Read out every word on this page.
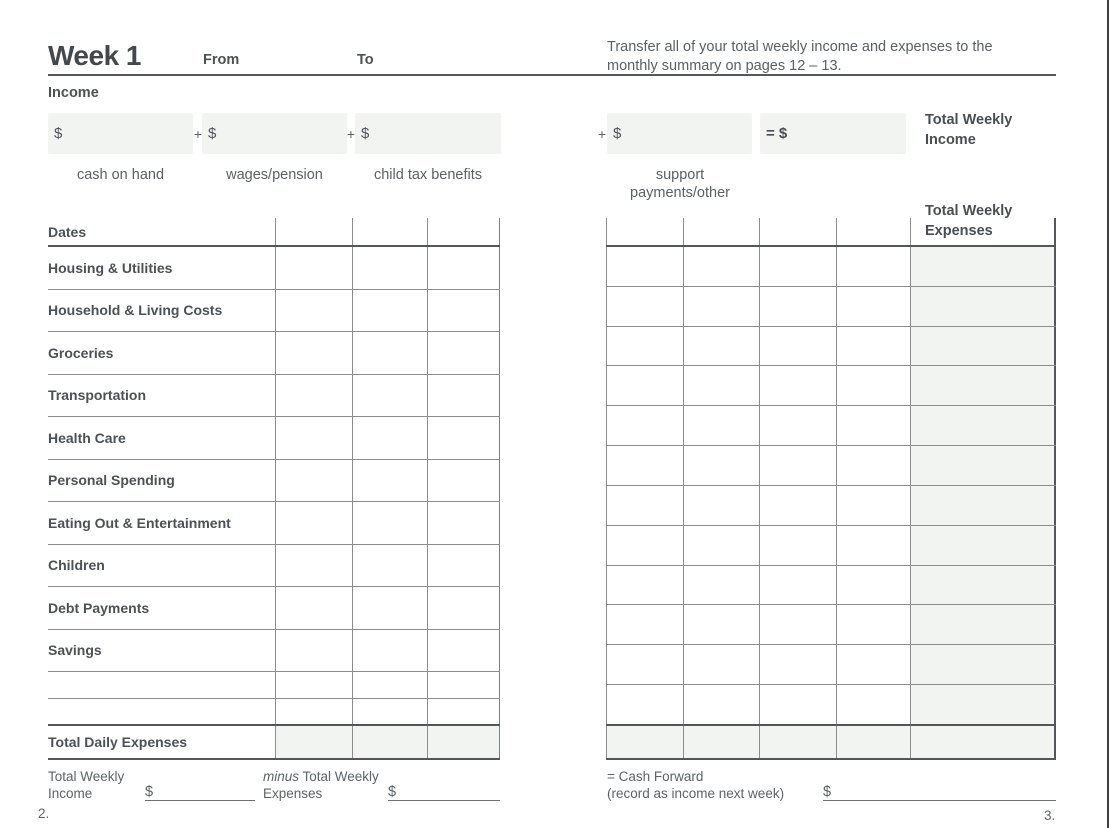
Week 1	From	To
Transfer all of your total weekly income and expenses to the
monthly summary on pages 12 – 13.
Income
$	+ $	+ $	+ $	= $
cash on hand	wages/pension	child tax benefits	support payments/other
Total Weekly Income
Total Weekly Expenses
Dates
Housing & Utilities
Household & Living Costs
Groceries
Transportation
Health Care
Personal Spending
Eating Out & Entertainment
Children
Debt Payments
Savings
Total Daily Expenses
Total Weekly Income	$
minus Total Weekly Expenses	$
= Cash Forward
(record as income next week)	$
2.	3.
